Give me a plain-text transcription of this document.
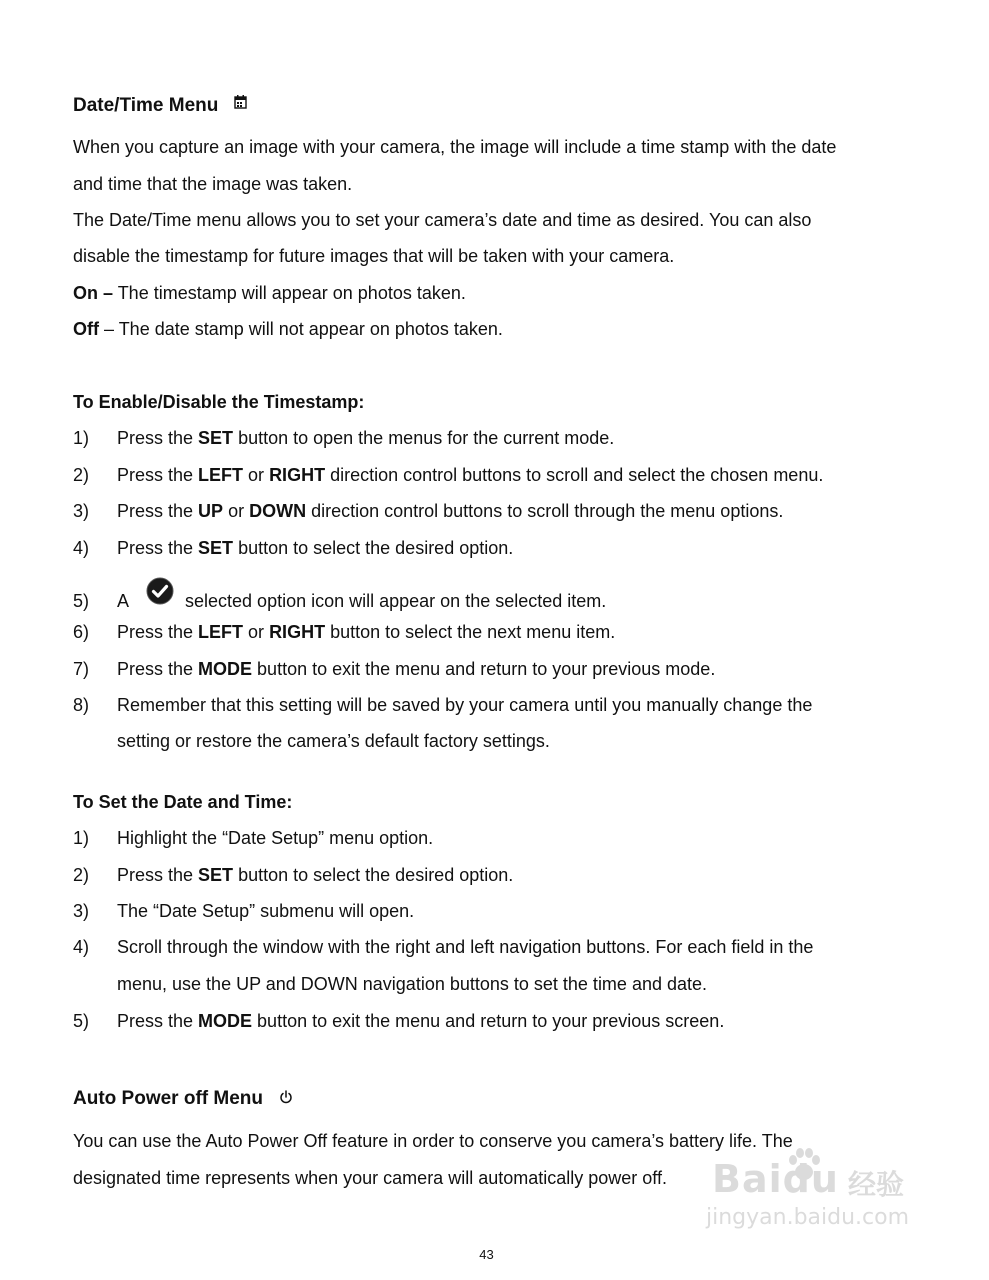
Date/Time Menu
When you capture an image with your camera, the image will include a time stamp with the date
and time that the image was taken.
The Date/Time menu allows you to set your camera’s date and time as desired. You can also
disable the timestamp for future images that will be taken with your camera.
On – The timestamp will appear on photos taken.
Off – The date stamp will not appear on photos taken.
To Enable/Disable the Timestamp:
1)	Press the SET button to open the menus for the current mode.
2)	Press the LEFT or RIGHT direction control buttons to scroll and select the chosen menu.
3)	Press the UP or DOWN direction control buttons to scroll through the menu options.
4)	Press the SET button to select the desired option.
5)	A	selected option icon will appear on the selected item.
6)	Press the LEFT or RIGHT button to select the next menu item.
7)	Press the MODE button to exit the menu and return to your previous mode.
8)	Remember that this setting will be saved by your camera until you manually change the
setting or restore the camera’s default factory settings.
To Set the Date and Time:
1)	Highlight the “Date Setup” menu option.
2)	Press the SET button to select the desired option.
3)	The “Date Setup” submenu will open.
4)	Scroll through the window with the right and left navigation buttons. For each field in the
menu, use the UP and DOWN navigation buttons to set the time and date.
5)	Press the MODE button to exit the menu and return to your previous screen.
Auto Power off Menu
You can use the Auto Power Off feature in order to conserve you camera’s battery life. The
designated time represents when your camera will automatically power off. Baidu 经验
jingyan.baidu.com
43
